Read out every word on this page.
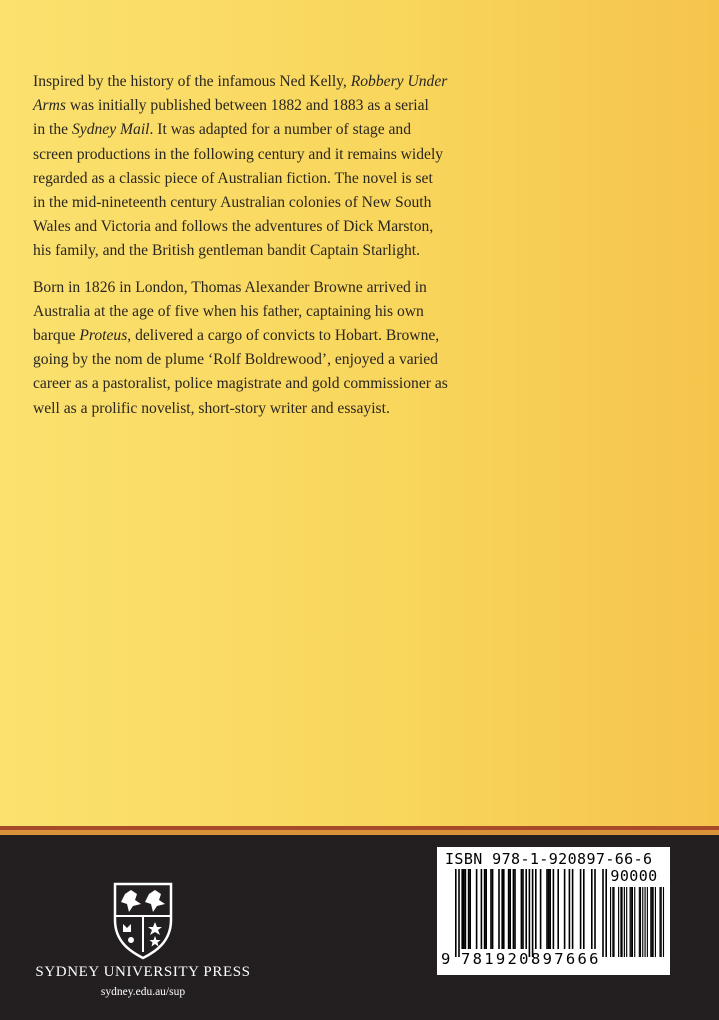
Inspired by the history of the infamous Ned Kelly, Robbery Under
Arms was initially published between 1882 and 1883 as a serial
in the Sydney Mail. It was adapted for a number of stage and
screen productions in the following century and it remains widely
regarded as a classic piece of Australian fiction. The novel is set
in the mid-nineteenth century Australian colonies of New South
Wales and Victoria and follows the adventures of Dick Marston,
his family, and the British gentleman bandit Captain Starlight.

Born in 1826 in London, Thomas Alexander Browne arrived in
Australia at the age of five when his father, captaining his own
barque Proteus, delivered a cargo of convicts to Hobart. Browne,
going by the nom de plume ‘Rolf Boldrewood’, enjoyed a varied
career as a pastoralist, police magistrate and gold commissioner as
well as a prolific novelist, short-story writer and essayist.

SYDNEY UNIVERSITY PRESS
sydney.edu.au/sup
ISBN 978-1-920897-66-6
90000
9 781920 897666
